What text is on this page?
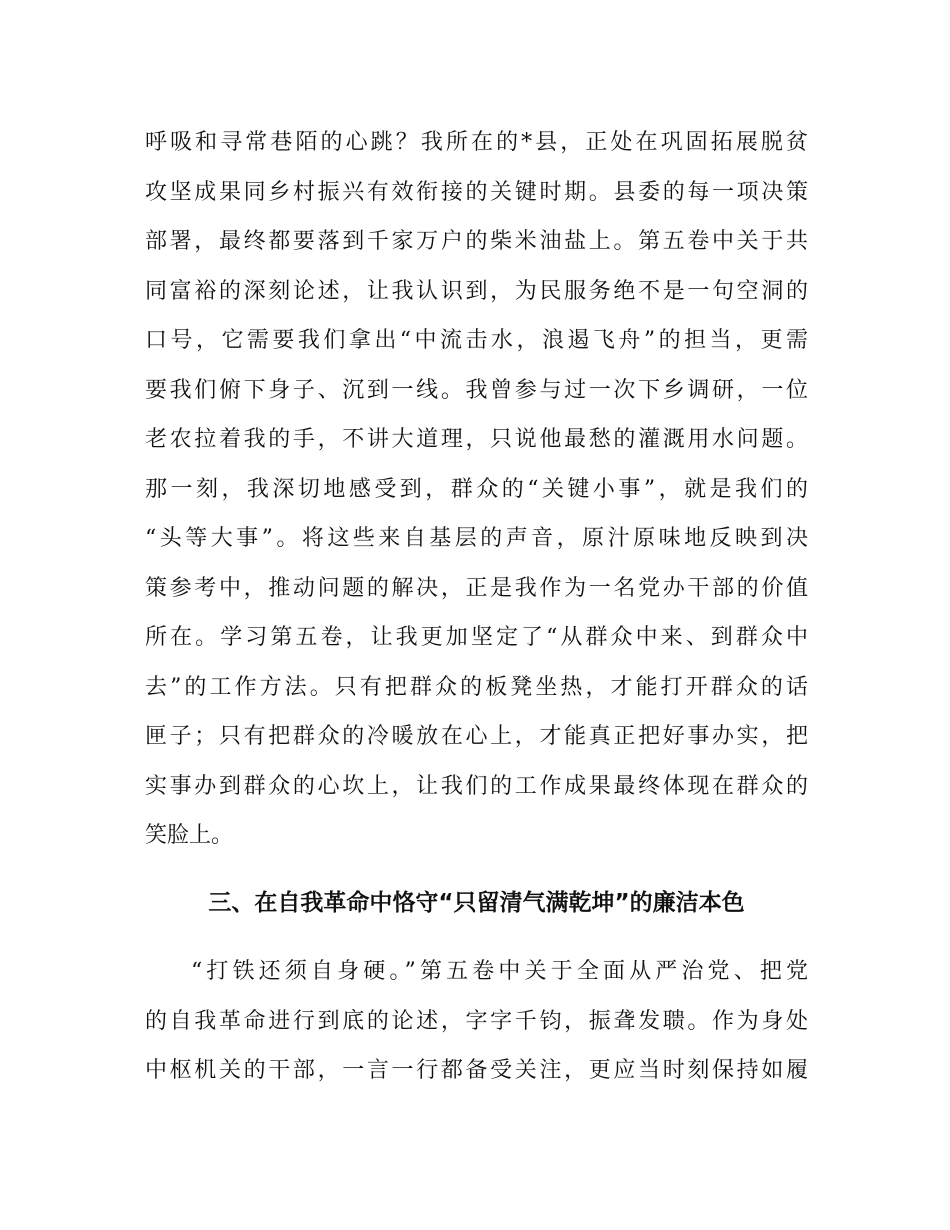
呼吸和寻常巷陌的心跳？我所在的*县，正处在巩固拓展脱贫
攻坚成果同乡村振兴有效衔接的关键时期。县委的每一项决策
部署，最终都要落到千家万户的柴米油盐上。第五卷中关于共
同富裕的深刻论述，让我认识到，为民服务绝不是一句空洞的
口号，它需要我们拿出“中流击水，浪遏飞舟”的担当，更需
要我们俯下身子、沉到一线。我曾参与过一次下乡调研，一位
老农拉着我的手，不讲大道理，只说他最愁的灌溉用水问题。
那一刻，我深切地感受到，群众的“关键小事”，就是我们的
“头等大事”。将这些来自基层的声音，原汁原味地反映到决
策参考中，推动问题的解决，正是我作为一名党办干部的价值
所在。学习第五卷，让我更加坚定了“从群众中来、到群众中
去”的工作方法。只有把群众的板凳坐热，才能打开群众的话
匣子；只有把群众的冷暖放在心上，才能真正把好事办实，把
实事办到群众的心坎上，让我们的工作成果最终体现在群众的
笑脸上。
三、在自我革命中恪守“只留清气满乾坤”的廉洁本色
“打铁还须自身硬。”第五卷中关于全面从严治党、把党
的自我革命进行到底的论述，字字千钧，振聋发聩。作为身处
中枢机关的干部，一言一行都备受关注，更应当时刻保持如履
